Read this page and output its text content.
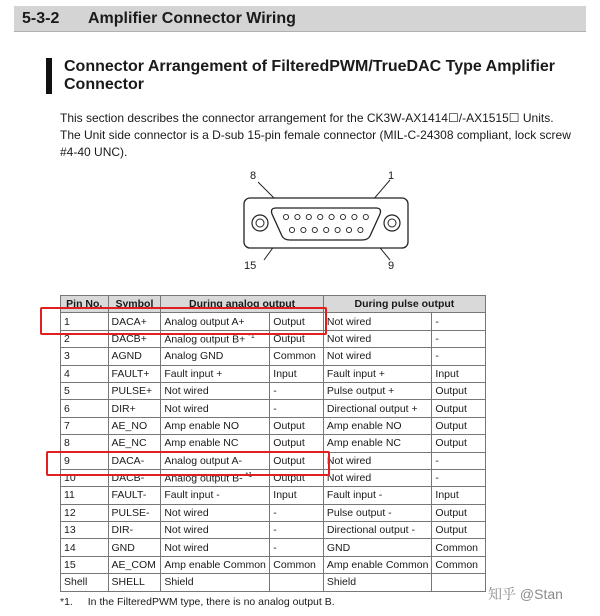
5-3-2	Amplifier Connector Wiring
Connector Arrangement of FilteredPWM/TrueDAC Type Amplifier
Connector
This section describes the connector arrangement for the CK3W-AX1414☐/-AX1515☐ Units.
The Unit side connector is a D-sub 15-pin female connector (MIL-C-24308 compliant, lock screw #4-40 UNC).
8	1
15	9
Pin No.	Symbol	During analog output		During pulse output	
1	DACA+	Analog output A+	Output	Not wired	-
2	DACB+	Analog output B+ $^{*1}$	Output	Not wired	-
3	AGND	Analog GND	Common	Not wired	-
4	FAULT+	Fault input +	Input	Fault input +	Input
5	PULSE+	Not wired	-	Pulse output +	Output
6	DIR+	Not wired	-	Directional output +	Output
7	AE_NO	Amp enable NO	Output	Amp enable NO	Output
8	AE_NC	Amp enable NC	Output	Amp enable NC	Output
9	DACA-	Analog output A-	Output	Not wired	-
10	DACB-	Analog output B- $^{*1}$	Output	Not wired	-
11	FAULT-	Fault input -	Input	Fault input -	Input
12	PULSE-	Not wired	-	Pulse output -	Output
13	DIR-	Not wired	-	Directional output -	Output
14	GND	Not wired	-	GND	Common
15	AE_COM	Amp enable Common	Common	Amp enable Common	Common
Shell	SHELL	Shield		Shield	
*1. In the FilteredPWM type, there is no analog output B.	知乎 @Stan
